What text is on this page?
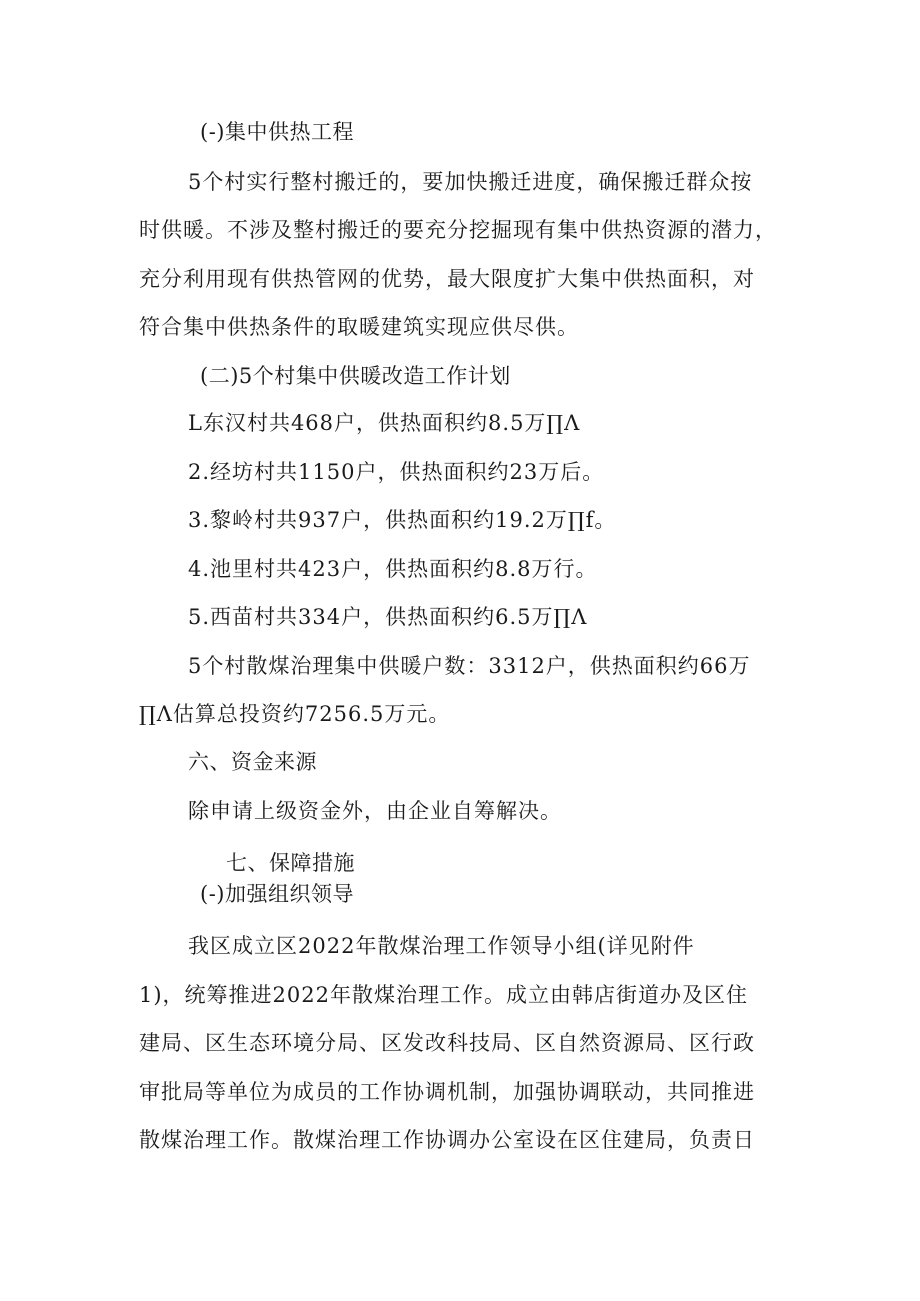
(-)集中供热工程
5个村实行整村搬迁的，要加快搬迁进度，确保搬迁群众按
时供暖。不涉及整村搬迁的要充分挖掘现有集中供热资源的潜力，
充分利用现有供热管网的优势，最大限度扩大集中供热面积，对
符合集中供热条件的取暖建筑实现应供尽供。
(二)5个村集中供暖改造工作计划
L东汉村共468户，供热面积约8.5万∏Λ
2.经坊村共1150户，供热面积约23万后。
3.黎岭村共937户，供热面积约19.2万∏f。
4.池里村共423户，供热面积约8.8万行。
5.西苗村共334户，供热面积约6.5万∏Λ
5个村散煤治理集中供暖户数：3312户，供热面积约66万
∏Λ估算总投资约7256.5万元。
六、资金来源
除申请上级资金外，由企业自筹解决。
七、保障措施
(-)加强组织领导
我区成立区2022年散煤治理工作领导小组(详见附件
1)，统筹推进2022年散煤治理工作。成立由韩店街道办及区住
建局、区生态环境分局、区发改科技局、区自然资源局、区行政
审批局等单位为成员的工作协调机制，加强协调联动，共同推进
散煤治理工作。散煤治理工作协调办公室设在区住建局，负责日
